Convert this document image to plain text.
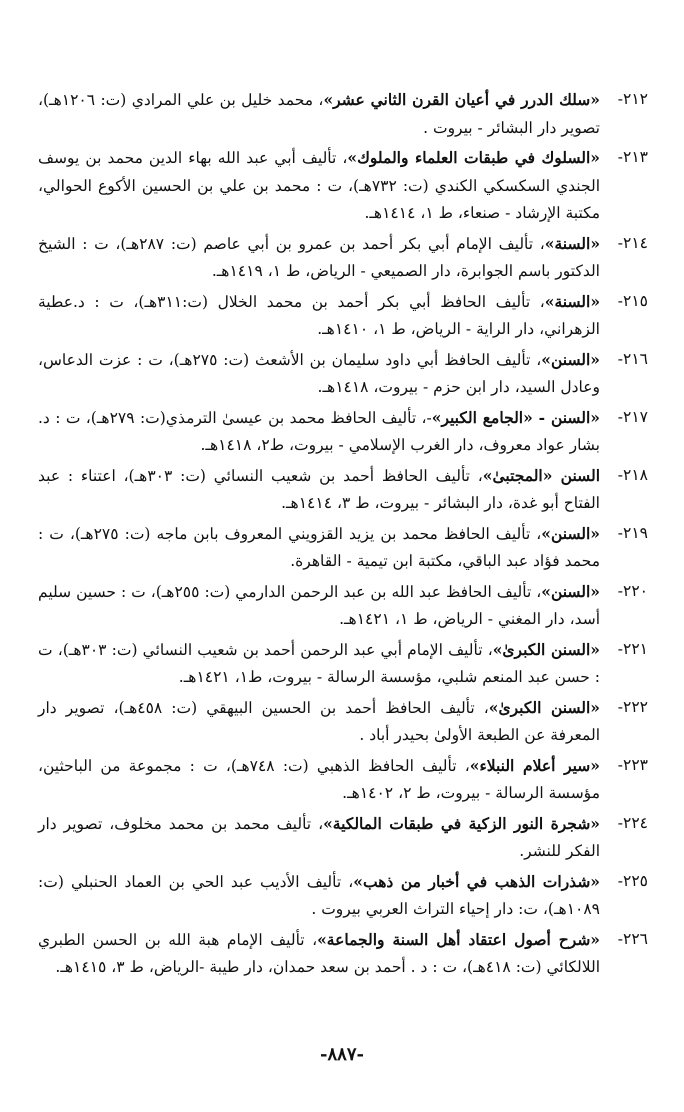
٢١٢-
«سلك الدرر في أعيان القرن الثاني عشر»، محمد خليل بن علي المرادي (ت: ١٢٠٦هـ)، تصوير دار البشائر - بيروت .
٢١٣-
«السلوك في طبقات العلماء والملوك»، تأليف أبي عبد الله بهاء الدين محمد بن يوسف الجندي السكسكي الكندي (ت: ٧٣٢هـ)، ت : محمد بن علي بن الحسين الأكوع الحوالي، مكتبة الإرشاد - صنعاء، ط ١، ١٤١٤هـ.
٢١٤-
«السنة»، تأليف الإمام أبي بكر أحمد بن عمرو بن أبي عاصم (ت: ٢٨٧هـ)، ت : الشيخ الدكتور باسم الجوابرة، دار الصميعي - الرياض، ط ١، ١٤١٩هـ.
٢١٥-
«السنة»، تأليف الحافظ أبي بكر أحمد بن محمد الخلال (ت:٣١١هـ)، ت : د.عطية الزهراني، دار الراية - الرياض، ط ١، ١٤١٠هـ.
٢١٦-
«السنن»، تأليف الحافظ أبي داود سليمان بن الأشعث (ت: ٢٧٥هـ)، ت : عزت الدعاس، وعادل السيد، دار ابن حزم - بيروت، ١٤١٨هـ.
٢١٧-
«السنن - «الجامع الكبير»-، تأليف الحافظ محمد بن عيسىٰ الترمذي(ت: ٢٧٩هـ)، ت : د. بشار عواد معروف، دار الغرب الإسلامي - بيروت، ط٢، ١٤١٨هـ.
٢١٨-
السنن «المجتبىٰ»، تأليف الحافظ أحمد بن شعيب النسائي (ت: ٣٠٣هـ)، اعتناء : عبد الفتاح أبو غدة، دار البشائر - بيروت، ط ٣، ١٤١٤هـ.
٢١٩-
«السنن»، تأليف الحافظ محمد بن يزيد القزويني المعروف بابن ماجه (ت: ٢٧٥هـ)، ت : محمد فؤاد عبد الباقي، مكتبة ابن تيمية - القاهرة.
٢٢٠-
«السنن»، تأليف الحافظ عبد الله بن عبد الرحمن الدارمي (ت: ٢٥٥هـ)، ت : حسين سليم أسد، دار المغني - الرياض، ط ١، ١٤٢١هـ.
٢٢١-
«السنن الكبرىٰ»، تأليف الإمام أبي عبد الرحمن أحمد بن شعيب النسائي (ت: ٣٠٣هـ)، ت : حسن عبد المنعم شلبي، مؤسسة الرسالة - بيروت، ط١، ١٤٢١هـ.
٢٢٢-
«السنن الكبرىٰ»، تأليف الحافظ أحمد بن الحسين البيهقي (ت: ٤٥٨هـ)، تصوير دار المعرفة عن الطبعة الأولىٰ بحيدر أباد .
٢٢٣-
«سير أعلام النبلاء»، تأليف الحافظ الذهبي (ت: ٧٤٨هـ)، ت : مجموعة من الباحثين، مؤسسة الرسالة - بيروت، ط ٢، ١٤٠٢هـ.
٢٢٤-
«شجرة النور الزكية في طبقات المالكية»، تأليف محمد بن محمد مخلوف، تصوير دار الفكر للنشر.
٢٢٥-
«شذرات الذهب في أخبار من ذهب»، تأليف الأديب عبد الحي بن العماد الحنبلي (ت: ١٠٨٩هـ)، ت: دار إحياء التراث العربي بيروت .
٢٢٦-
«شرح أصول اعتقاد أهل السنة والجماعة»، تأليف الإمام هبة الله بن الحسن الطبري اللالكائي (ت: ٤١٨هـ)، ت : د . أحمد بن سعد حمدان، دار طيبة -الرياض، ط ٣، ١٤١٥هـ.
-٨٨٧-
